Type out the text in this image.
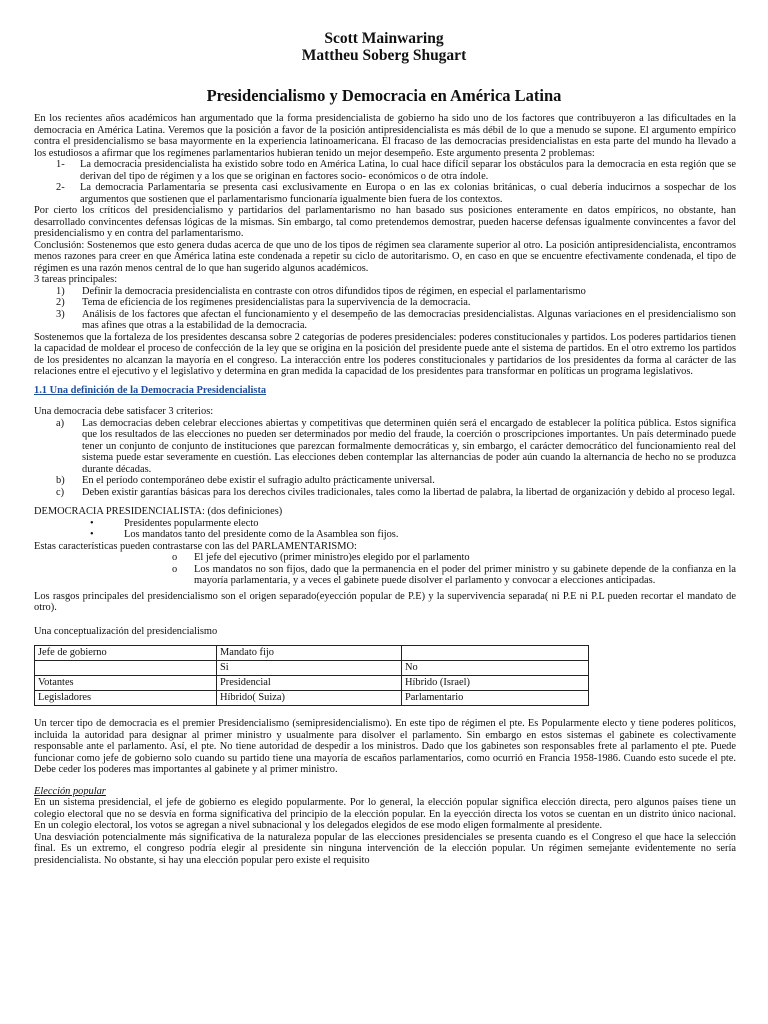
Scott Mainwaring
Mattheu Soberg Shugart
Presidencialismo y Democracia en América Latina

En los recientes años académicos han argumentado que la forma presidencialista de gobierno ha sido uno de los factores que contribuyeron a las dificultades en la democracia en América Latina. Veremos que la posición a favor de la posición antipresidencialista es más débil de lo que a menudo se supone. El argumento empírico contra el presidencialismo se basa mayormente en la experiencia latinoamericana. El fracaso de las democracias presidencialistas en esta parte del mundo ha llevado a los estudiosos a afirmar que los regímenes parlamentarios hubieran tenido un mejor desempeño. Este argumento presenta 2 problemas:

1-	La democracia presidencialista ha existido sobre todo en América Latina, lo cual hace difícil separar los obstáculos para la democracia en esta región que se derivan del tipo de régimen y a los que se originan en factores socio- económicos o de otra índole.
2-	La democracia Parlamentaria se presenta casi exclusivamente en Europa o en las ex colonias británicas, o cual debería inducirnos a sospechar de los argumentos que sostienen que el parlamentarismo funcionaría igualmente bien fuera de los contextos.

Por cierto los críticos del presidencialismo y partidarios del parlamentarismo no han basado sus posiciones enteramente en datos empíricos, no obstante, han desarrollado convincentes defensas lógicas de la mismas. Sin embargo, tal como pretendemos demostrar, pueden hacerse defensas igualmente convincentes a favor del presidencialismo y en contra del parlamentarismo.

Conclusión: Sostenemos que esto genera dudas acerca de que uno de los tipos de régimen sea claramente superior al otro. La posición antipresidencialista, encontramos menos razones para creer en que América latina este condenada a repetir su ciclo de autoritarismo. O, en caso en que se encuentre efectivamente condenada, el tipo de régimen es una razón menos central de lo que han sugerido algunos académicos.

3 tareas principales:

1)	Definir la democracia presidencialista en contraste con otros difundidos tipos de régimen, en especial el parlamentarismo
2)	Tema de eficiencia de los regímenes presidencialistas para la supervivencia de la democracia.
3)	Análisis de los factores que afectan el funcionamiento y el desempeño de las democracias presidencialistas. Algunas variaciones en el presidencialismo son mas afines que otras a la estabilidad de la democracia.

Sostenemos que la fortaleza de los presidentes descansa sobre 2 categorías de poderes presidenciales: poderes constitucionales y partidos. Los poderes partidarios tienen la capacidad de moldear el proceso de confección de la ley que se origina en la posición del presidente puede ante el sistema de partidos. En el otro extremo los partidos de los presidentes no alcanzan la mayoría en el congreso. La interacción entre los poderes constitucionales y partidarios de los presidentes da forma al carácter de las relaciones entre el ejecutivo y el legislativo y determina en gran medida la capacidad de los presidentes para transformar en políticas un programa legislativos.

1.1 Una definición de la Democracia Presidencialista

Una democracia debe satisfacer 3 criterios:

a)	Las democracias deben celebrar elecciones abiertas y competitivas que determinen quién será el encargado de establecer la política pública. Estos significa que los resultados de las elecciones no pueden ser determinados por medio del fraude, la coerción o proscripciones importantes. Un país determinado puede tener un conjunto de conjunto de instituciones que parezcan formalmente democráticas y, sin embargo, el carácter democrático del funcionamiento real del sistema puede estar severamente en cuestión. Las elecciones deben contemplar las alternancias de poder aún cuando la alternancia de hecho no se produzca durante décadas.
b)	En el período contemporáneo debe existir el sufragio adulto prácticamente universal.
c)	Deben existir garantías básicas para los derechos civiles tradicionales, tales como la libertad de palabra, la libertad de organización y debido al proceso legal.

DEMOCRACIA PRESIDENCIALISTA: (dos definiciones)

•	Presidentes popularmente electo
•	Los mandatos tanto del presidente como de la Asamblea son fijos.

Estas características pueden contrastarse con las del PARLAMENTARISMO:

o	El jefe del ejecutivo (primer ministro)es elegido por el parlamento
o	Los mandatos no son fijos, dado que la permanencia en el poder del primer ministro y su gabinete depende de la confianza en la mayoría parlamentaria, y a veces el gabinete puede disolver el parlamento y convocar a elecciones anticipadas.

Los rasgos principales del presidencialismo son el origen separado(eyección popular de P.E) y la supervivencia separada( ni P.E ni P.L pueden recortar el mandato de otro).

Una conceptualización del presidencialismo

Jefe de gobierno	Mandato fijo	
	Si	No
Votantes	Presidencial	Híbrido (Israel)
Legisladores	Híbrido( Suiza)	Parlamentario

Un tercer tipo de democracia es el premier Presidencialismo (semipresidencialismo). En este tipo de régimen el pte. Es Popularmente electo y tiene poderes políticos, incluida la autoridad para designar al primer ministro y usualmente para disolver el parlamento. Sin embargo en estos sistemas el gabinete es colectivamente responsable ante el parlamento. Así, el pte. No tiene autoridad de despedir a los ministros. Dado que los gabinetes son responsables frete al parlamento el pte. Puede funcionar como jefe de gobierno solo cuando su partido tiene una mayoría de escaños parlamentarios, como ocurrió en Francia 1958-1986. Cuando esto sucede el pte. Debe ceder los poderes mas importantes al gabinete y al primer ministro.

Elección popular

En un sistema presidencial, el jefe de gobierno es elegido popularmente. Por lo general, la elección popular significa elección directa, pero algunos países tiene un colegio electoral que no se desvía en forma significativa del principio de la elección popular. En la eyección directa los votos se cuentan en un distrito único nacional. En un colegio electoral, los votos se agregan a nivel subnacional y los delegados elegidos de ese modo eligen formalmente al presidente.

Una desviación potencialmente más significativa de la naturaleza popular de las elecciones presidenciales se presenta cuando es el Congreso el que hace la selección final. Es un extremo, el congreso podría elegir al presidente sin ninguna intervención de la elección popular. Un régimen semejante evidentemente no sería presidencialista. No obstante, si hay una elección popular pero existe el requisito
